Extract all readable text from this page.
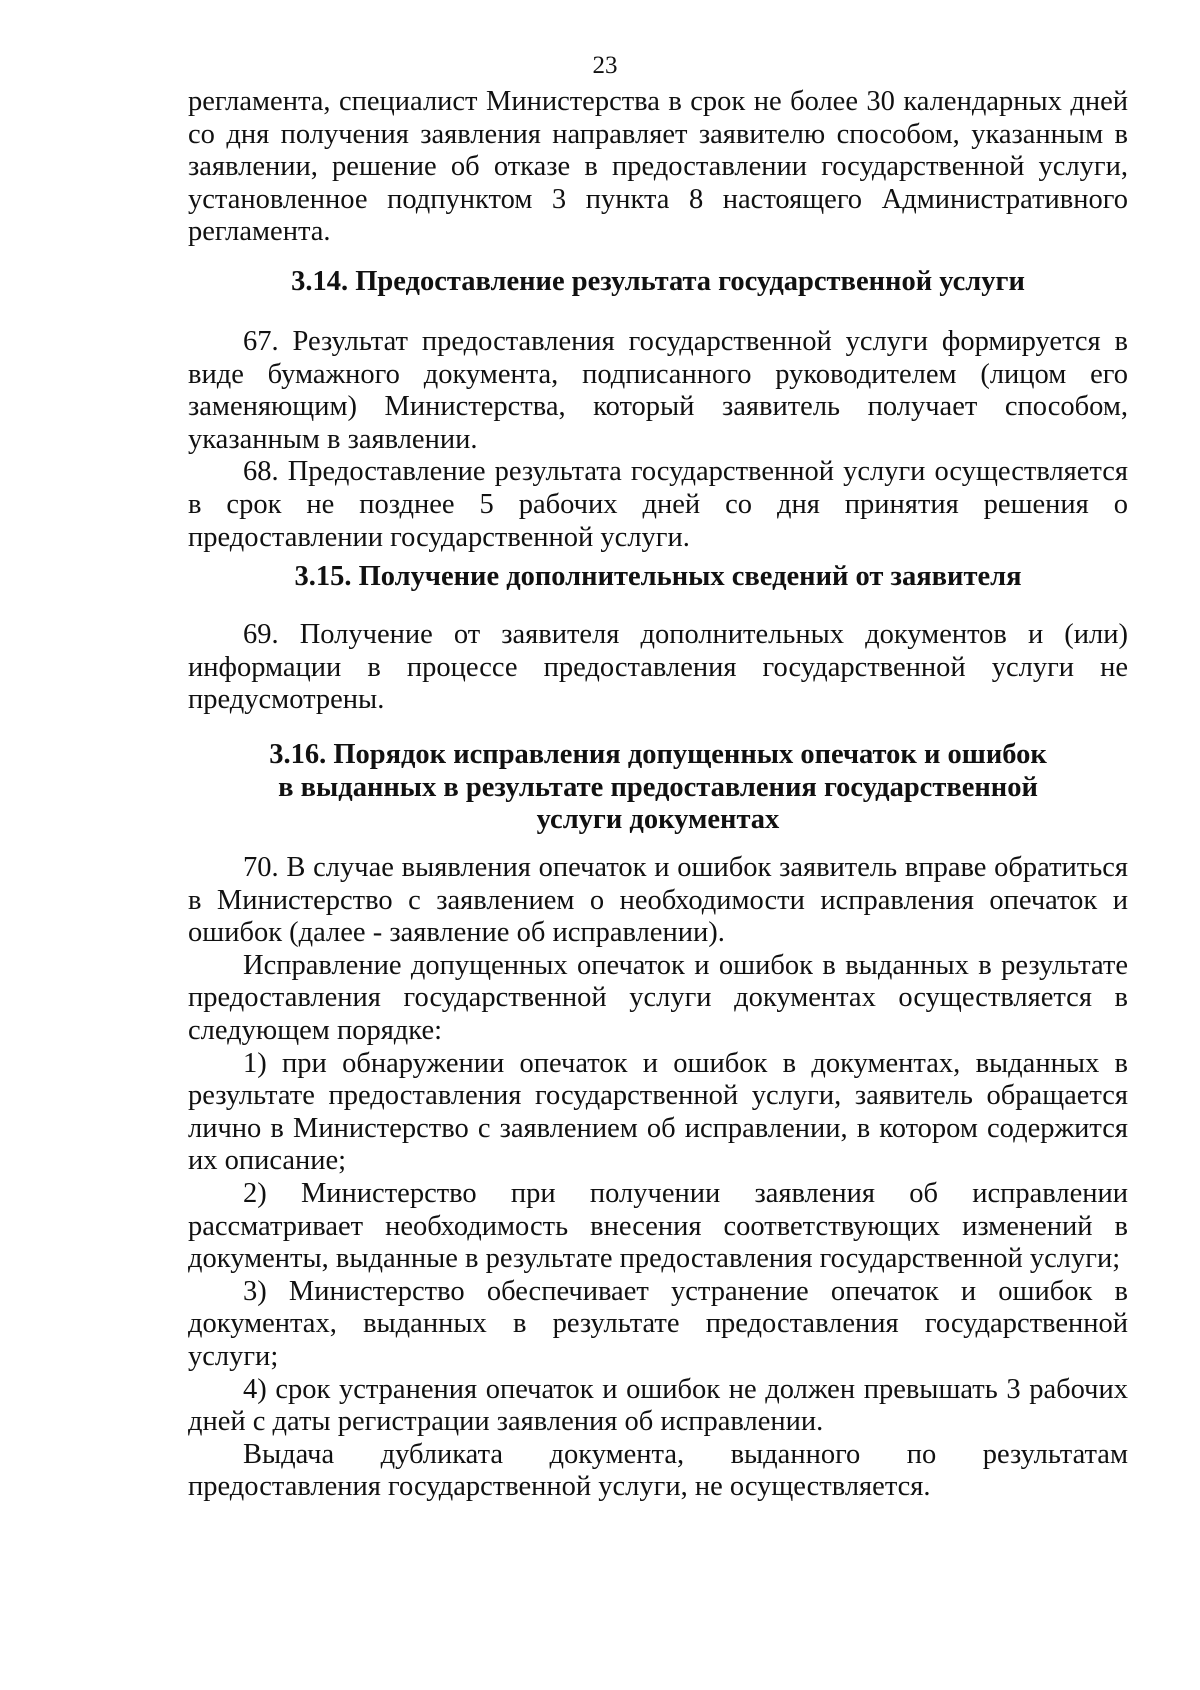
23

регламента, специалист Министерства в срок не более 30 календарных дней со дня получения заявления направляет заявителю способом, указанным в заявлении, решение об отказе в предоставлении государственной услуги, установленное подпунктом 3 пункта 8 настоящего Административного регламента.

3.14. Предоставление результата государственной услуги

67. Результат предоставления государственной услуги формируется в виде бумажного документа, подписанного руководителем (лицом его заменяющим) Министерства, который заявитель получает способом, указанным в заявлении.

68. Предоставление результата государственной услуги осуществляется в срок не позднее 5 рабочих дней со дня принятия решения о предоставлении государственной услуги.

3.15. Получение дополнительных сведений от заявителя

69. Получение от заявителя дополнительных документов и (или) информации в процессе предоставления государственной услуги не предусмотрены.

3.16. Порядок исправления допущенных опечаток и ошибок
в выданных в результате предоставления государственной
услуги документах

70. В случае выявления опечаток и ошибок заявитель вправе обратиться в Министерство с заявлением о необходимости исправления опечаток и ошибок (далее - заявление об исправлении).

Исправление допущенных опечаток и ошибок в выданных в результате предоставления государственной услуги документах осуществляется в следующем порядке:

1) при обнаружении опечаток и ошибок в документах, выданных в результате предоставления государственной услуги, заявитель обращается лично в Министерство с заявлением об исправлении, в котором содержится их описание;

2) Министерство при получении заявления об исправлении рассматривает необходимость внесения соответствующих изменений в документы, выданные в результате предоставления государственной услуги;

3) Министерство обеспечивает устранение опечаток и ошибок в документах, выданных в результате предоставления государственной услуги;

4) срок устранения опечаток и ошибок не должен превышать 3 рабочих дней с даты регистрации заявления об исправлении.

Выдача дубликата документа, выданного по результатам предоставления государственной услуги, не осуществляется.
